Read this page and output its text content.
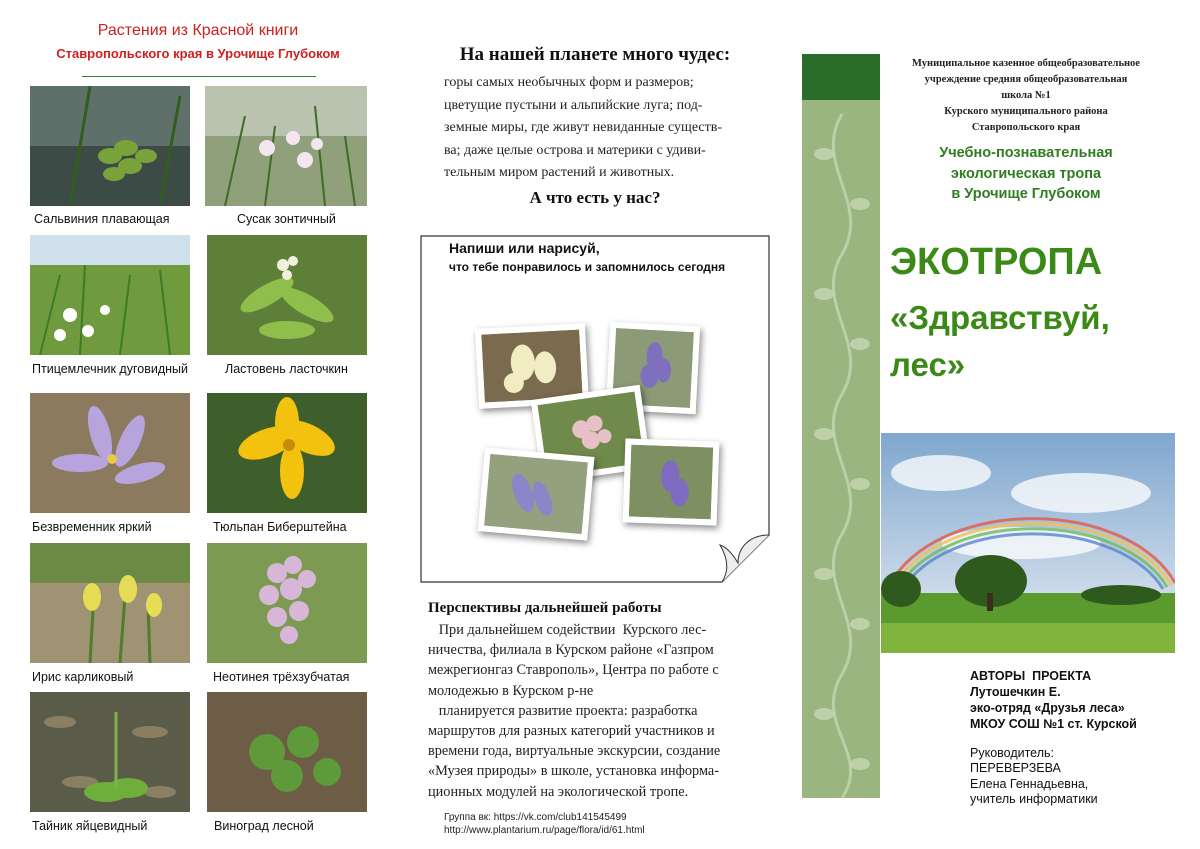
Растения из Красной книги
Ставропольского края в Урочище Глубоком
Сальвиния плавающая	Сусак зонтичный
Птицемлечник дуговидный	Ластовень ласточкин
Безвременник яркий	Тюльпан Биберштейна
Ирис карликовый	Неотинея трёхзубчатая
Тайник яйцевидный	Виноград лесной
На нашей планете много чудес:
горы самых необычных форм и размеров;
цветущие пустыни и альпийские луга; под-
земные миры, где живут невиданные существ-
ва; даже целые острова и материки с удиви-
тельным миром растений и животных.
А что есть у нас?
Напиши или нарисуй,
что тебе понравилось и запомнилось сегодня
Перспективы дальнейшей работы
При дальнейшем содействии  Курского лес-
ничества, филиала в Курском районе «Газпром
межрегионгаз Ставрополь», Центра по работе с
молодежью в Курском р-не
планируется развитие проекта: разработка
маршрутов для разных категорий участников и
времени года, виртуальные экскурсии, создание
«Музея природы» в школе, установка информа-
ционных модулей на экологической тропе.
Группа вк: https://vk.com/club141545499
http://www.plantarium.ru/page/flora/id/61.html
Муниципальное казенное общеобразовательное
учреждение средняя общеобразовательная
школа №1
Курского муниципального района
Ставропольского края
Учебно-познавательная
экологическая тропа
в Урочище Глубоком
ЭКОТРОПА
«Здравствуй,
лес»
АВТОРЫ  ПРОЕКТА
Лутошечкин Е.
эко-отряд «Друзья леса»
МКОУ СОШ №1 ст. Курской
Руководитель:
ПЕРЕВЕРЗЕВА
Елена Геннадьевна,
учитель информатики
